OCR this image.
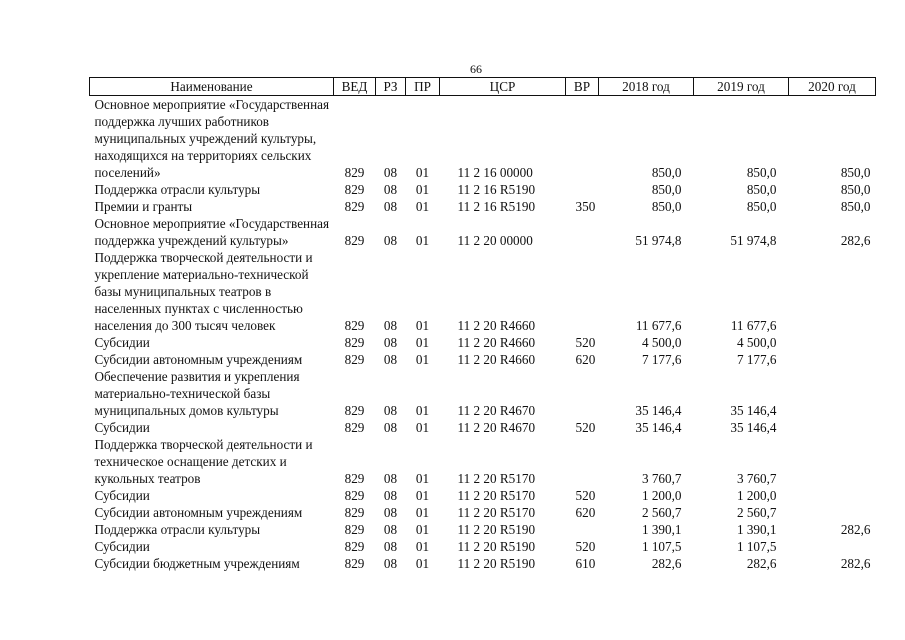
66
Наименование	ВЕД	РЗ	ПР	ЦСР	ВР	2018 год	2019 год	2020 год
Основное мероприятие «Государственная поддержка лучших работников муниципальных учреждений культуры, находящихся на территориях сельских поселений»	829	08	01	11 2 16 00000		850,0	850,0	850,0
Поддержка отрасли культуры	829	08	01	11 2 16 R5190		850,0	850,0	850,0
Премии и гранты	829	08	01	11 2 16 R5190	350	850,0	850,0	850,0
Основное мероприятие «Государственная поддержка учреждений культуры»	829	08	01	11 2 20 00000		51 974,8	51 974,8	282,6
Поддержка творческой деятельности и укрепление материально-технической базы муниципальных театров в населенных пунктах с численностью населения до 300 тысяч человек	829	08	01	11 2 20 R4660		11 677,6	11 677,6	
Субсидии	829	08	01	11 2 20 R4660	520	4 500,0	4 500,0	
Субсидии автономным учреждениям	829	08	01	11 2 20 R4660	620	7 177,6	7 177,6	
Обеспечение развития и укрепления материально-технической базы муниципальных домов культуры	829	08	01	11 2 20 R4670		35 146,4	35 146,4	
Субсидии	829	08	01	11 2 20 R4670	520	35 146,4	35 146,4	
Поддержка творческой деятельности и техническое оснащение детских и кукольных театров	829	08	01	11 2 20 R5170		3 760,7	3 760,7	
Субсидии	829	08	01	11 2 20 R5170	520	1 200,0	1 200,0	
Субсидии автономным учреждениям	829	08	01	11 2 20 R5170	620	2 560,7	2 560,7	
Поддержка отрасли культуры	829	08	01	11 2 20 R5190		1 390,1	1 390,1	282,6
Субсидии	829	08	01	11 2 20 R5190	520	1 107,5	1 107,5	
Субсидии бюджетным учреждениям	829	08	01	11 2 20 R5190	610	282,6	282,6	282,6
